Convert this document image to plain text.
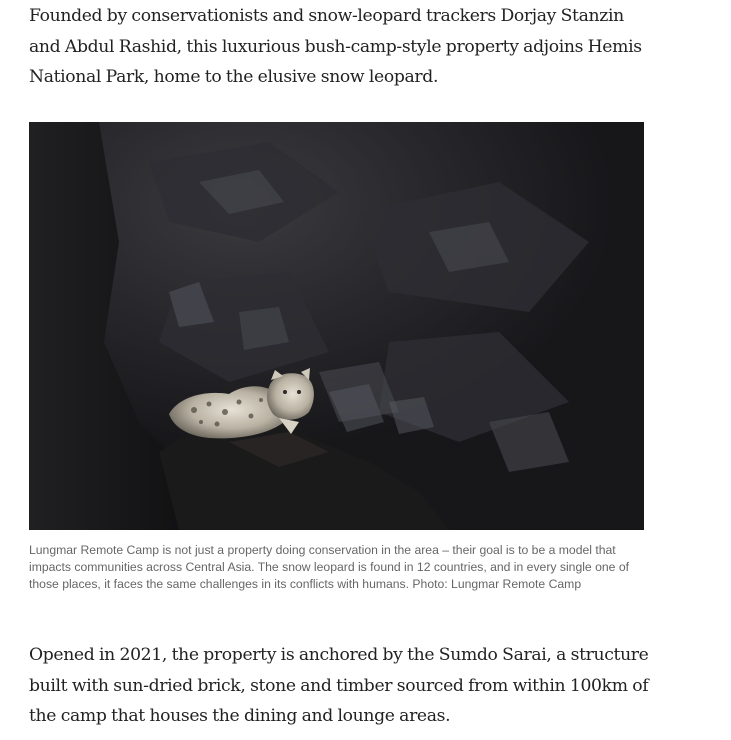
Founded by conservationists and snow-leopard trackers Dorjay Stanzin and Abdul Rashid, this luxurious bush-camp-style property adjoins Hemis National Park, home to the elusive snow leopard.

Lungmar Remote Camp is not just a property doing conservation in the area – their goal is to be a model that impacts communities across Central Asia. The snow leopard is found in 12 countries, and in every single one of those places, it faces the same challenges in its conflicts with humans. Photo: Lungmar Remote Camp

Opened in 2021, the property is anchored by the Sumdo Sarai, a structure built with sun-dried brick, stone and timber sourced from within 100km of the camp that houses the dining and lounge areas.
